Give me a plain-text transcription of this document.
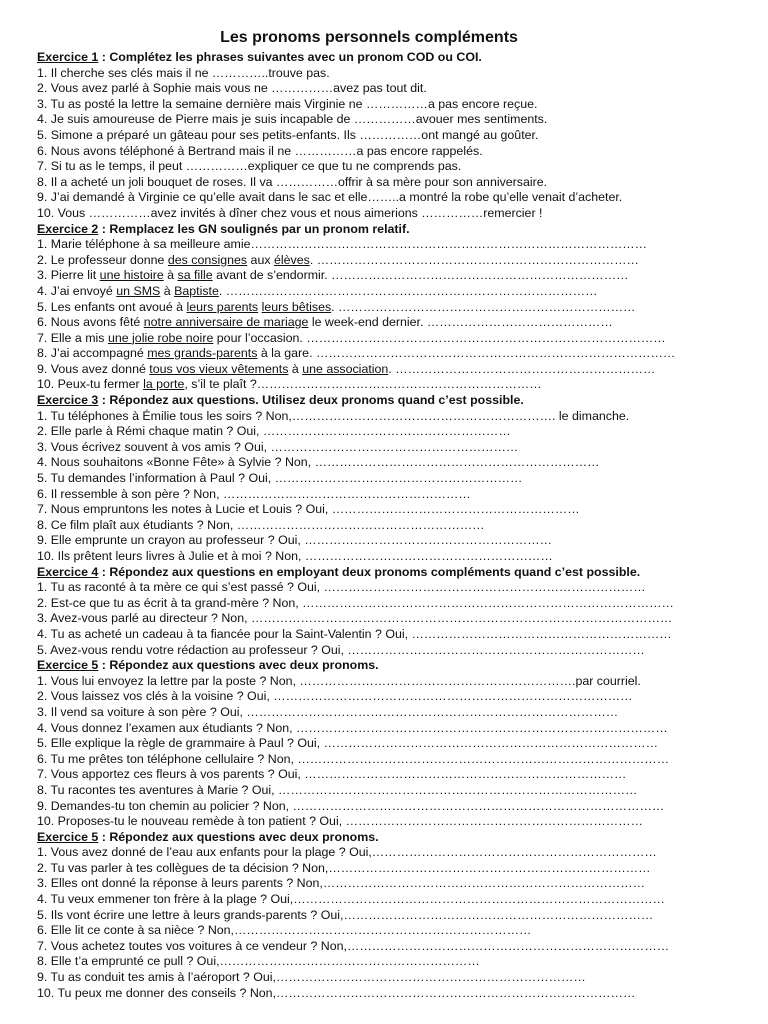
Les pronoms personnels compléments
Exercice 1 : Complétez les phrases suivantes avec un pronom COD ou COI.
1. Il cherche ses clés mais il ne …………..trouve pas.
2. Vous avez parlé à Sophie mais vous ne ……………avez pas tout dit.
3. Tu as posté la lettre la semaine dernière mais Virginie ne ……………a pas encore reçue.
4. Je suis amoureuse de Pierre mais je suis incapable de ……………avouer mes sentiments.
5. Simone a préparé un gâteau pour ses petits-enfants. Ils ……………ont mangé au goûter.
6. Nous avons téléphoné à Bertrand mais il ne ……………a pas encore rappelés.
7. Si tu as le temps, il peut ……………expliquer ce que tu ne comprends pas.
8. Il a acheté un joli bouquet de roses. Il va ……………offrir à sa mère pour son anniversaire.
9. J’ai demandé à Virginie ce qu’elle avait dans le sac et elle……..a montré la robe qu’elle venait d’acheter.
10. Vous ……………avez invités à dîner chez vous et nous aimerions ……………remercier !
Exercice 2 : Remplacez les GN soulignés par un pronom relatif.
1. Marie téléphone à sa meilleure amie……………………………………………………………………………………
2. Le professeur donne des consignes aux élèves. ……………………………………………………………………
3. Pierre lit une histoire à sa fille avant de s’endormir. ………………………………………………………………
4. J’ai envoyé un SMS à Baptiste. ………………………………………………………………………………
5. Les enfants ont avoué à leurs parents leurs bêtises. ………………………………………………………………
6. Nous avons fêté notre anniversaire de mariage le week-end dernier. ………………………………………
7. Elle a mis une jolie robe noire pour l’occasion. ……………………………………………………………………………
8. J’ai accompagné mes grands-parents à la gare. ……………………………………………………………………………
9. Vous avez donné tous vos vieux vêtements à une association. ………………………………………………………
10. Peux-tu fermer la porte, s’il te plaît ?……………………………………………………………
Exercice 3 : Répondez aux questions. Utilisez deux pronoms quand c’est possible.
1. Tu téléphones à Émilie tous les soirs ? Non,………………………………………………………. le dimanche.
2. Elle parle à Rémi chaque matin ? Oui, ……………………………………………………
3. Vous écrivez souvent à vos amis ? Oui, ……………………………………………………
4. Nous souhaitons «Bonne Fête» à Sylvie ? Non, ……………………………………………………………
5. Tu demandes l’information à Paul ? Oui, ……………………………………………………
6. Il ressemble à son père ? Non, ……………………………………………………
7. Nous empruntons les notes à Lucie et Louis ? Oui, ……………………………………………………
8. Ce film plaît aux étudiants ? Non, ……………………………………………………
9. Elle emprunte un crayon au professeur ? Oui, ……………………………………………………
10. Ils prêtent leurs livres à Julie et à moi ? Non, ……………………………………………………
Exercice 4 : Répondez aux questions en employant deux pronoms compléments quand c’est possible.
1. Tu as raconté à ta mère ce qui s’est passé ? Oui, ……………………………………………………………………
2. Est-ce que tu as écrit à ta grand-mère ? Non, ………………………………………………………………………………
3. Avez-vous parlé au directeur ? Non, …………………………………………………………………………………………
4. Tu as acheté un cadeau à ta fiancée pour la Saint-Valentin ? Oui, ………………………………………………………
5. Avez-vous rendu votre rédaction au professeur ? Oui, ………………………………………………………………
Exercice 5 : Répondez aux questions avec deux pronoms.
1. Vous lui envoyez la lettre par la poste ? Non, ………………………………………………………….par courriel.
2. Vous laissez vos clés à la voisine ? Oui, ……………………………………………………………………………
3. Il vend sa voiture à son père ? Oui, ………………………………………………………………………………
4. Vous donnez l’examen aux étudiants ? Non, ………………………………………………………………………………
5. Elle explique la règle de grammaire à Paul ? Oui, ………………………………………………………………………
6. Tu me prêtes ton téléphone cellulaire ? Non, ………………………………………………………………………………
7. Vous apportez ces fleurs à vos parents ? Oui, ……………………………………………………………………
8. Tu racontes tes aventures à Marie ? Oui, ……………………………………………………………………………
9. Demandes-tu ton chemin au policier ? Non, ………………………………………………………………………………
10. Proposes-tu le nouveau remède à ton patient ? Oui, ………………………………………………………………
Exercice 5 : Répondez aux questions avec deux pronoms.
1. Vous avez donné de l’eau aux enfants pour la plage ? Oui,……………………………………………………………
2. Tu vas parler à tes collègues de ta décision ? Non,……………………………………………………………………
3. Elles ont donné la réponse à leurs parents ? Non,……………………………………………………………………
4. Tu veux emmener ton frère à la plage ? Oui,………………………………………………………………………………
5. Ils vont écrire une lettre à leurs grands-parents ? Oui,…………………………………………………………………
6. Elle lit ce conte à sa nièce ? Non,………………………………………………………………
7. Vous achetez toutes vos voitures à ce vendeur ? Non,……………………………………………………………………
8. Elle t’a emprunté ce pull ? Oui,………………………………………………………
9. Tu as conduit tes amis à l’aéroport ? Oui,…………………………………………………………………
10. Tu peux me donner des conseils ? Non,……………………………………………………………………………
